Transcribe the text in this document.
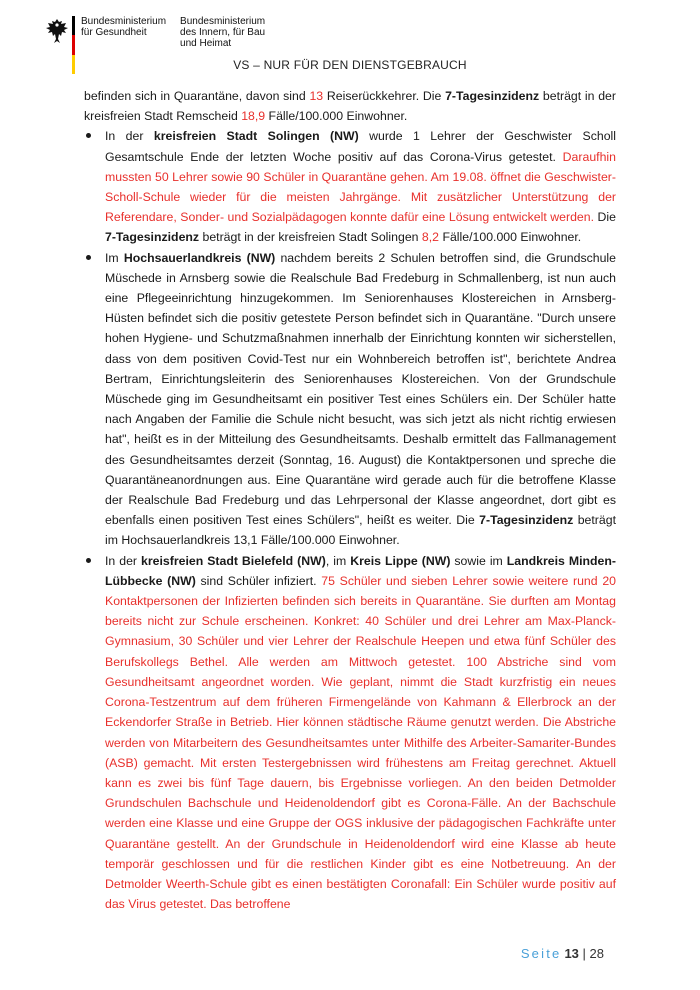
Bundesministerium
für Gesundheit
Bundesministerium
des Innern, für Bau
und Heimat
VS – NUR FÜR DEN DIENSTGEBRAUCH

befinden sich in Quarantäne, davon sind 13 Reiserückkehrer. Die 7-Tagesinzidenz beträgt in der kreisfreien Stadt Remscheid 18,9 Fälle/100.000 Einwohner.

In der kreisfreien Stadt Solingen (NW) wurde 1 Lehrer der Geschwister Scholl Gesamtschule Ende der letzten Woche positiv auf das Corona-Virus getestet. Daraufhin mussten 50 Lehrer sowie 90 Schüler in Quarantäne gehen. Am 19.08. öffnet die Geschwister-Scholl-Schule wieder für die meisten Jahrgänge. Mit zusätzlicher Unterstützung der Referendare, Sonder- und Sozialpädagogen konnte dafür eine Lösung entwickelt werden. Die 7-Tagesinzidenz beträgt in der kreisfreien Stadt Solingen 8,2 Fälle/100.000 Einwohner.
Im Hochsauerlandkreis (NW) nachdem bereits 2 Schulen betroffen sind, die Grundschule Müschede in Arnsberg sowie die Realschule Bad Fredeburg in Schmallenberg, ist nun auch eine Pflegeeinrichtung hinzugekommen. Im Seniorenhauses Klostereichen in Arnsberg-Hüsten befindet sich die positiv getestete Person befindet sich in Quarantäne. "Durch unsere hohen Hygiene- und Schutzmaßnahmen innerhalb der Einrichtung konnten wir sicherstellen, dass von dem positiven Covid-Test nur ein Wohnbereich betroffen ist", berichtete Andrea Bertram, Einrichtungsleiterin des Seniorenhauses Klostereichen. Von der Grundschule Müschede ging im Gesundheitsamt ein positiver Test eines Schülers ein. Der Schüler hatte nach Angaben der Familie die Schule nicht besucht, was sich jetzt als nicht richtig erwiesen hat", heißt es in der Mitteilung des Gesundheitsamts. Deshalb ermittelt das Fallmanagement des Gesundheitsamtes derzeit (Sonntag, 16. August) die Kontaktpersonen und spreche die Quarantäneanordnungen aus. Eine Quarantäne wird gerade auch für die betroffene Klasse der Realschule Bad Fredeburg und das Lehrpersonal der Klasse angeordnet, dort gibt es ebenfalls einen positiven Test eines Schülers", heißt es weiter. Die 7-Tagesinzidenz beträgt im Hochsauerlandkreis 13,1 Fälle/100.000 Einwohner.
In der kreisfreien Stadt Bielefeld (NW), im Kreis Lippe (NW) sowie im Landkreis Minden-Lübbecke (NW) sind Schüler infiziert. 75 Schüler und sieben Lehrer sowie weitere rund 20 Kontaktpersonen der Infizierten befinden sich bereits in Quarantäne. Sie durften am Montag bereits nicht zur Schule erscheinen. Konkret: 40 Schüler und drei Lehrer am Max-Planck-Gymnasium, 30 Schüler und vier Lehrer der Realschule Heepen und etwa fünf Schüler des Berufskollegs Bethel. Alle werden am Mittwoch getestet. 100 Abstriche sind vom Gesundheitsamt angeordnet worden. Wie geplant, nimmt die Stadt kurzfristig ein neues Corona-Testzentrum auf dem früheren Firmengelände von Kahmann & Ellerbrock an der Eckendorfer Straße in Betrieb. Hier können städtische Räume genutzt werden. Die Abstriche werden von Mitarbeitern des Gesundheitsamtes unter Mithilfe des Arbeiter-Samariter-Bundes (ASB) gemacht. Mit ersten Testergebnissen wird frühestens am Freitag gerechnet. Aktuell kann es zwei bis fünf Tage dauern, bis Ergebnisse vorliegen. An den beiden Detmolder Grundschulen Bachschule und Heidenoldendorf gibt es Corona-Fälle. An der Bachschule werden eine Klasse und eine Gruppe der OGS inklusive der pädagogischen Fachkräfte unter Quarantäne gestellt. An der Grundschule in Heidenoldendorf wird eine Klasse ab heute temporär geschlossen und für die restlichen Kinder gibt es eine Notbetreuung. An der Detmolder Weerth-Schule gibt es einen bestätigten Coronafall: Ein Schüler wurde positiv auf das Virus getestet. Das betroffene
Seite 13 | 28
